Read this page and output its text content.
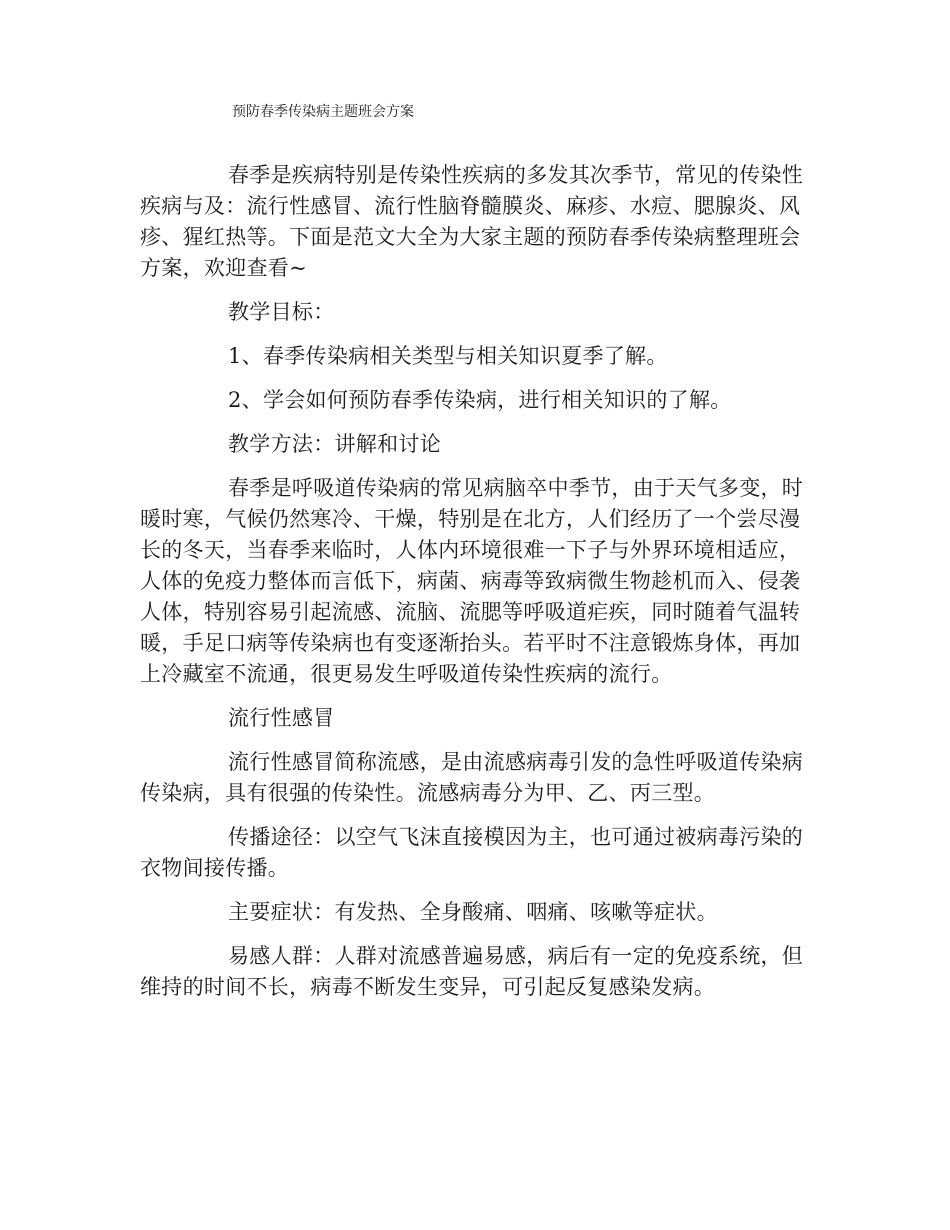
预防春季传染病主题班会方案

春季是疾病特别是传染性疾病的多发其次季节，常见的传染性疾病与及：流行性感冒、流行性脑脊髓膜炎、麻疹、水痘、腮腺炎、风疹、猩红热等。下面是范文大全为大家主题的预防春季传染病整理班会方案，欢迎查看~

教学目标：

1、春季传染病相关类型与相关知识夏季了解。

2、学会如何预防春季传染病，进行相关知识的了解。

教学方法：讲解和讨论

春季是呼吸道传染病的常见病脑卒中季节，由于天气多变，时暖时寒，气候仍然寒冷、干燥，特别是在北方，人们经历了一个尝尽漫长的冬天，当春季来临时，人体内环境很难一下子与外界环境相适应，人体的免疫力整体而言低下，病菌、病毒等致病微生物趁机而入、侵袭人体，特别容易引起流感、流脑、流腮等呼吸道疟疾，同时随着气温转暖，手足口病等传染病也有变逐渐抬头。若平时不注意锻炼身体，再加上冷藏室不流通，很更易发生呼吸道传染性疾病的流行。

流行性感冒

流行性感冒简称流感，是由流感病毒引发的急性呼吸道传染病传染病，具有很强的传染性。流感病毒分为甲、乙、丙三型。

传播途径：以空气飞沫直接模因为主，也可通过被病毒污染的衣物间接传播。

主要症状：有发热、全身酸痛、咽痛、咳嗽等症状。

易感人群：人群对流感普遍易感，病后有一定的免疫系统，但维持的时间不长，病毒不断发生变异，可引起反复感染发病。
